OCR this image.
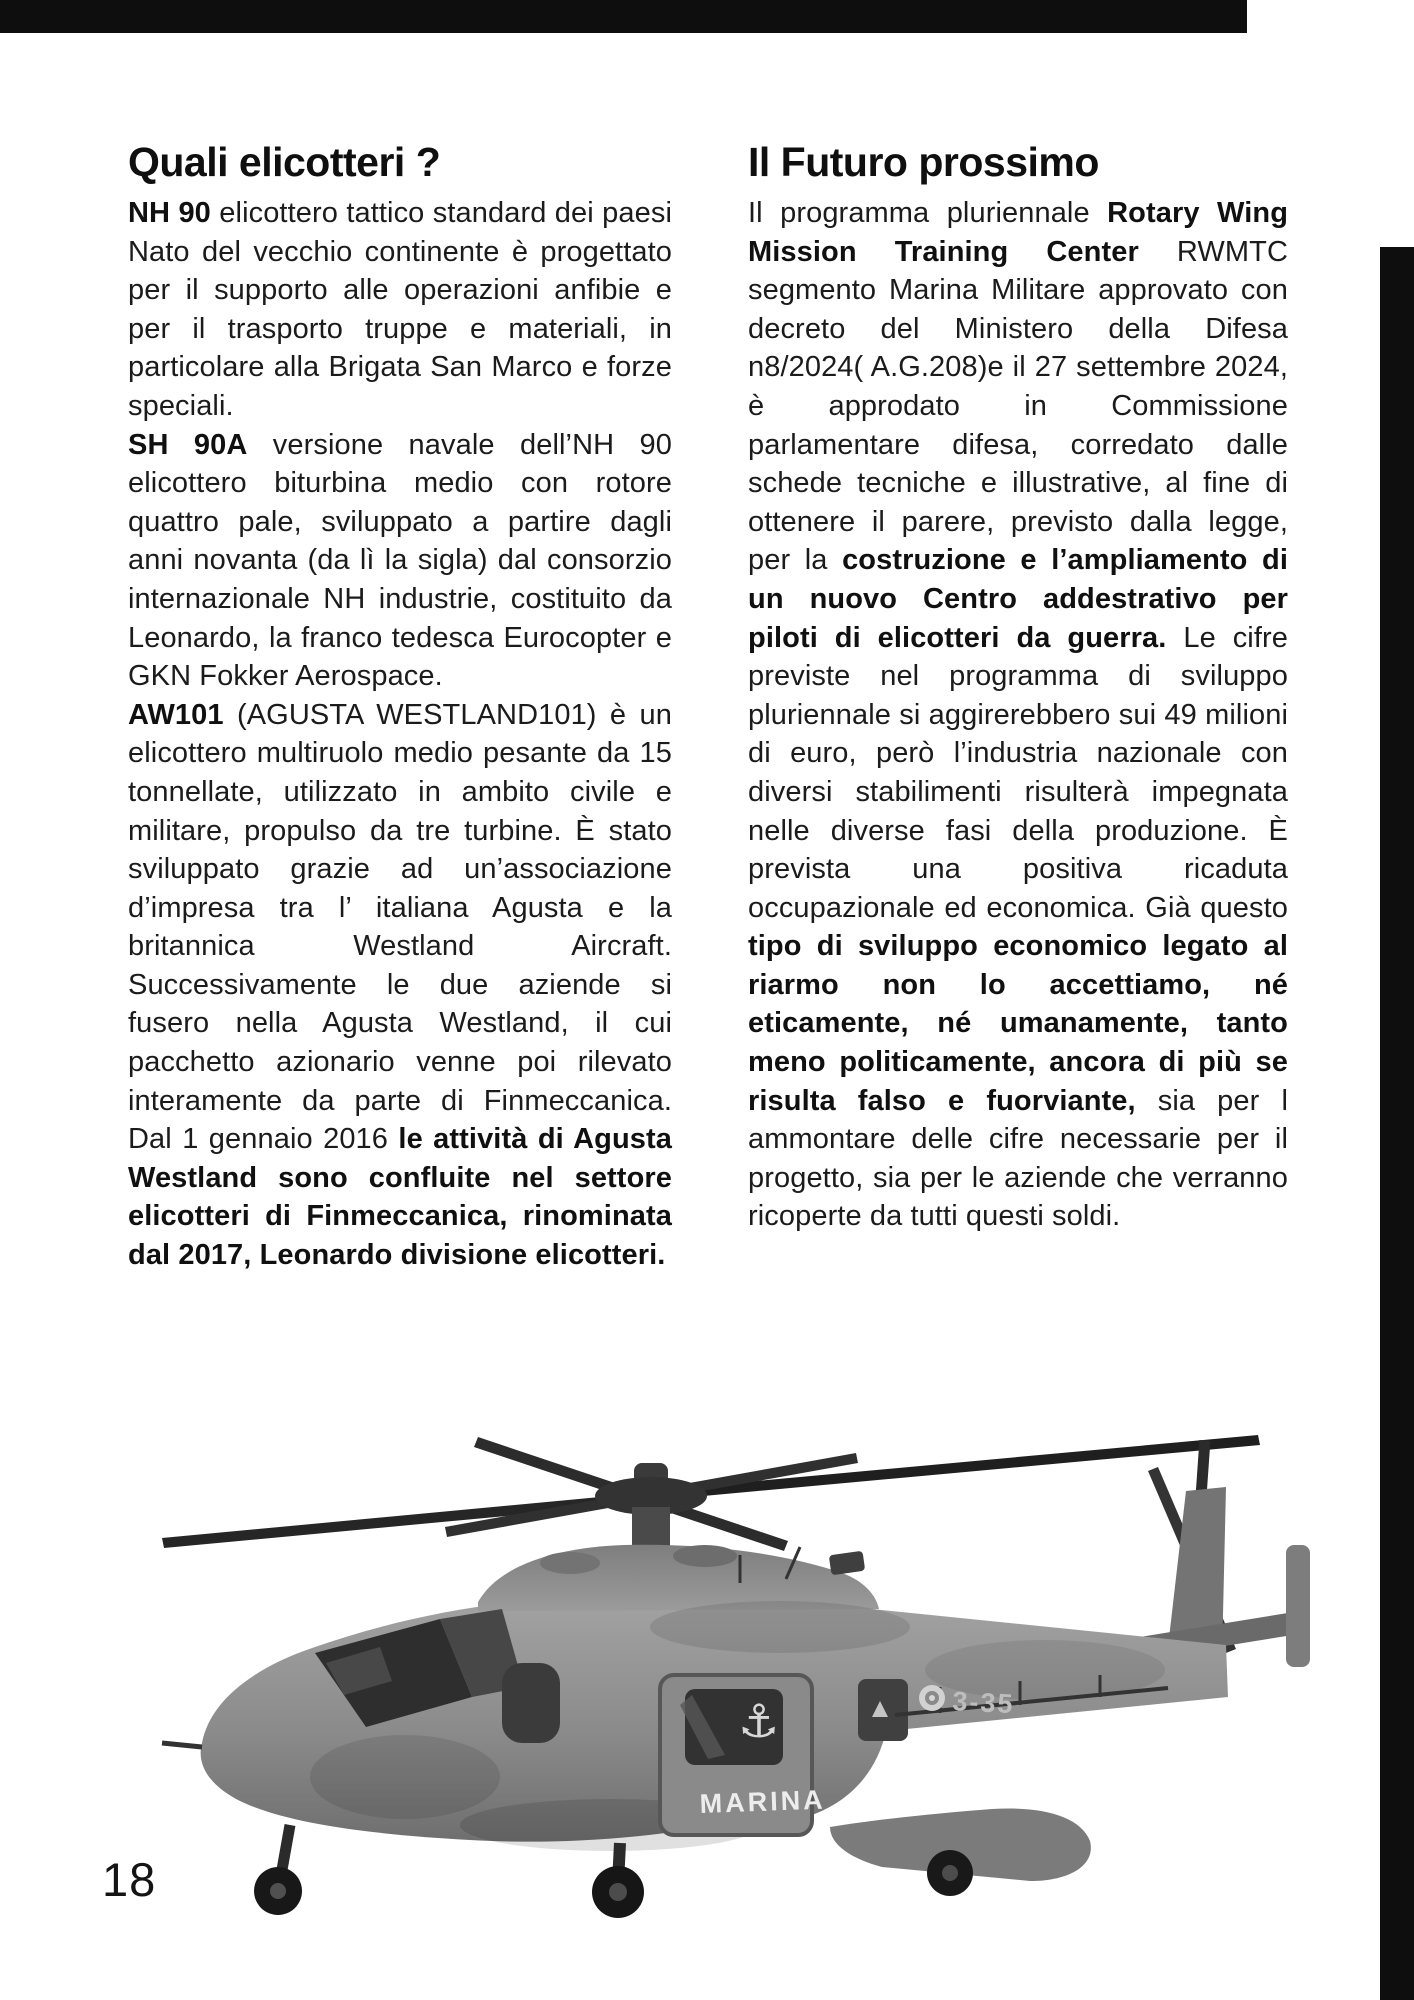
Quali elicotteri ?

NH 90 elicottero tattico standard dei paesi Nato del vecchio continente è progettato per il supporto alle operazioni anfibie e per il trasporto truppe e materiali, in particolare alla Brigata San Marco e forze speciali.

SH 90A versione navale dell’NH 90 elicottero biturbina medio con rotore quattro pale, sviluppato a partire dagli anni novanta (da lì la sigla) dal consorzio internazionale NH industrie, costituito da Leonardo, la franco tedesca Eurocopter e GKN Fokker Aerospace.

AW101 (AGUSTA WESTLAND101) è un elicottero multiruolo medio pesante da 15 tonnellate, utilizzato in ambito civile e militare, propulso da tre turbine. È stato sviluppato grazie ad un’associazione d’impresa tra l’ italiana Agusta e la britannica Westland Aircraft. Successivamente le due aziende si fusero nella Agusta Westland, il cui pacchetto azionario venne poi rilevato interamente da parte di Finmeccanica. Dal 1 gennaio 2016 le attività di Agusta Westland sono confluite nel settore elicotteri di Finmeccanica, rinominata dal 2017, Leonardo divisione elicotteri.

Il Futuro prossimo

Il programma pluriennale Rotary Wing Mission Training Center RWMTC segmento Marina Militare approvato con decreto del Ministero della Difesa n8/2024( A.G.208)e il 27 settembre 2024, è approdato in Commissione parlamentare difesa, corredato dalle schede tecniche e illustrative, al fine di ottenere il parere, previsto dalla legge, per la costruzione e l’ampliamento di un nuovo Centro addestrativo per piloti di elicotteri da guerra. Le cifre previste nel programma di sviluppo pluriennale si aggirerebbero sui 49 milioni di euro, però l’industria nazionale con diversi stabilimenti risulterà impegnata nelle diverse fasi della produzione. È prevista una positiva ricaduta occupazionale ed economica. Già questo tipo di sviluppo economico legato al riarmo non lo accettiamo, né eticamente, né umanamente, tanto meno politicamente, ancora di più se risulta falso e fuorviante, sia per l ammontare delle cifre necessarie per il progetto, sia per le aziende che verranno ricoperte da tutti questi soldi.

⚓
MARINA
3-35
18
